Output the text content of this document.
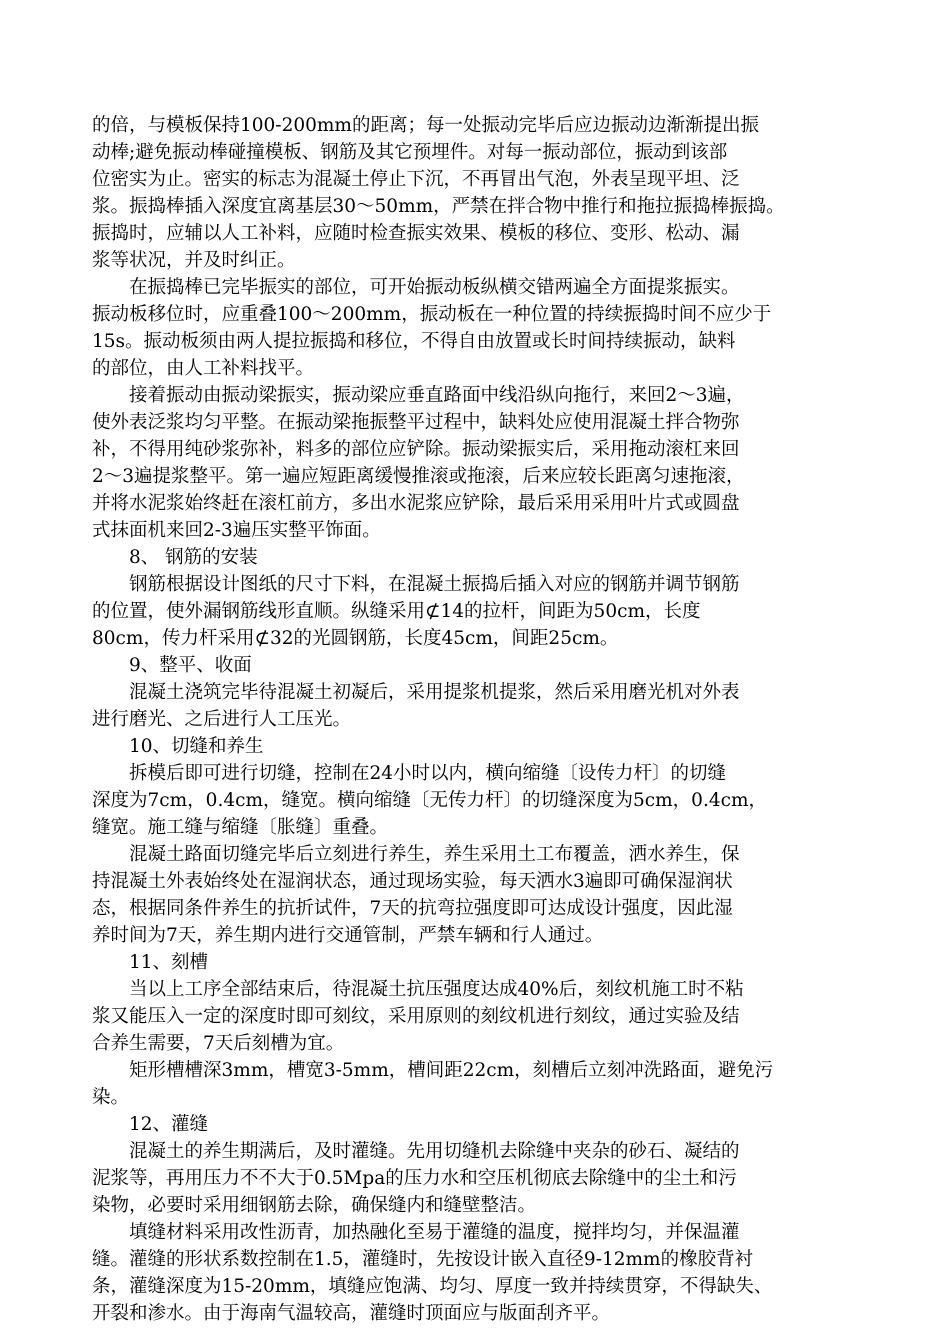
的倍，与模板保持100-200mm的距离；每一处振动完毕后应边振动边渐渐提出振
动棒;避免振动棒碰撞模板、钢筋及其它预埋件。对每一振动部位，振动到该部
位密实为止。密实的标志为混凝土停止下沉，不再冒出气泡，外表呈现平坦、泛
浆。振捣棒插入深度宜离基层30～50mm，严禁在拌合物中推行和拖拉振捣棒振捣。
振捣时，应辅以人工补料，应随时检查振实效果、模板的移位、变形、松动、漏
浆等状况，并及时纠正。
在振捣棒已完毕振实的部位，可开始振动板纵横交错两遍全方面提浆振实。
振动板移位时，应重叠100～200mm，振动板在一种位置的持续振捣时间不应少于
15s。振动板须由两人提拉振捣和移位，不得自由放置或长时间持续振动，缺料
的部位，由人工补料找平。
接着振动由振动梁振实，振动梁应垂直路面中线沿纵向拖行，来回2～3遍，
使外表泛浆均匀平整。在振动梁拖振整平过程中，缺料处应使用混凝土拌合物弥
补，不得用纯砂浆弥补，料多的部位应铲除。振动梁振实后，采用拖动滚杠来回
2～3遍提浆整平。第一遍应短距离缓慢推滚或拖滚，后来应较长距离匀速拖滚，
并将水泥浆始终赶在滚杠前方，多出水泥浆应铲除，最后采用采用叶片式或圆盘
式抹面机来回2-3遍压实整平饰面。
8、 钢筋的安装
钢筋根据设计图纸的尺寸下料，在混凝土振捣后插入对应的钢筋并调节钢筋
的位置，使外漏钢筋线形直顺。纵缝采用⊄14的拉杆，间距为50cm，长度
80cm，传力杆采用⊄32的光圆钢筋，长度45cm，间距25cm。
9、整平、收面
混凝土浇筑完毕待混凝土初凝后，采用提浆机提浆，然后采用磨光机对外表
进行磨光、之后进行人工压光。
10、切缝和养生
拆模后即可进行切缝，控制在24小时以内，横向缩缝〔设传力杆〕的切缝
深度为7cm，0.4cm，缝宽。横向缩缝〔无传力杆〕的切缝深度为5cm，0.4cm，
缝宽。施工缝与缩缝〔胀缝〕重叠。
混凝土路面切缝完毕后立刻进行养生，养生采用土工布覆盖，洒水养生，保
持混凝土外表始终处在湿润状态，通过现场实验，每天洒水3遍即可确保湿润状
态，根据同条件养生的抗折试件，7天的抗弯拉强度即可达成设计强度，因此湿
养时间为7天，养生期内进行交通管制，严禁车辆和行人通过。
11、刻槽
当以上工序全部结束后，待混凝土抗压强度达成40%后，刻纹机施工时不粘
浆又能压入一定的深度时即可刻纹，采用原则的刻纹机进行刻纹，通过实验及结
合养生需要，7天后刻槽为宜。
矩形槽槽深3mm，槽宽3-5mm，槽间距22cm，刻槽后立刻冲洗路面，避免污
染。
12、灌缝
混凝土的养生期满后，及时灌缝。先用切缝机去除缝中夹杂的砂石、凝结的
泥浆等，再用压力不不大于0.5Mpa的压力水和空压机彻底去除缝中的尘土和污
染物，必要时采用细钢筋去除，确保缝内和缝壁整洁。
填缝材料采用改性沥青，加热融化至易于灌缝的温度，搅拌均匀，并保温灌
缝。灌缝的形状系数控制在1.5，灌缝时，先按设计嵌入直径9-12mm的橡胶背衬
条，灌缝深度为15-20mm，填缝应饱满、均匀、厚度一致并持续贯穿，不得缺失、
开裂和渗水。由于海南气温较高，灌缝时顶面应与版面刮齐平。
